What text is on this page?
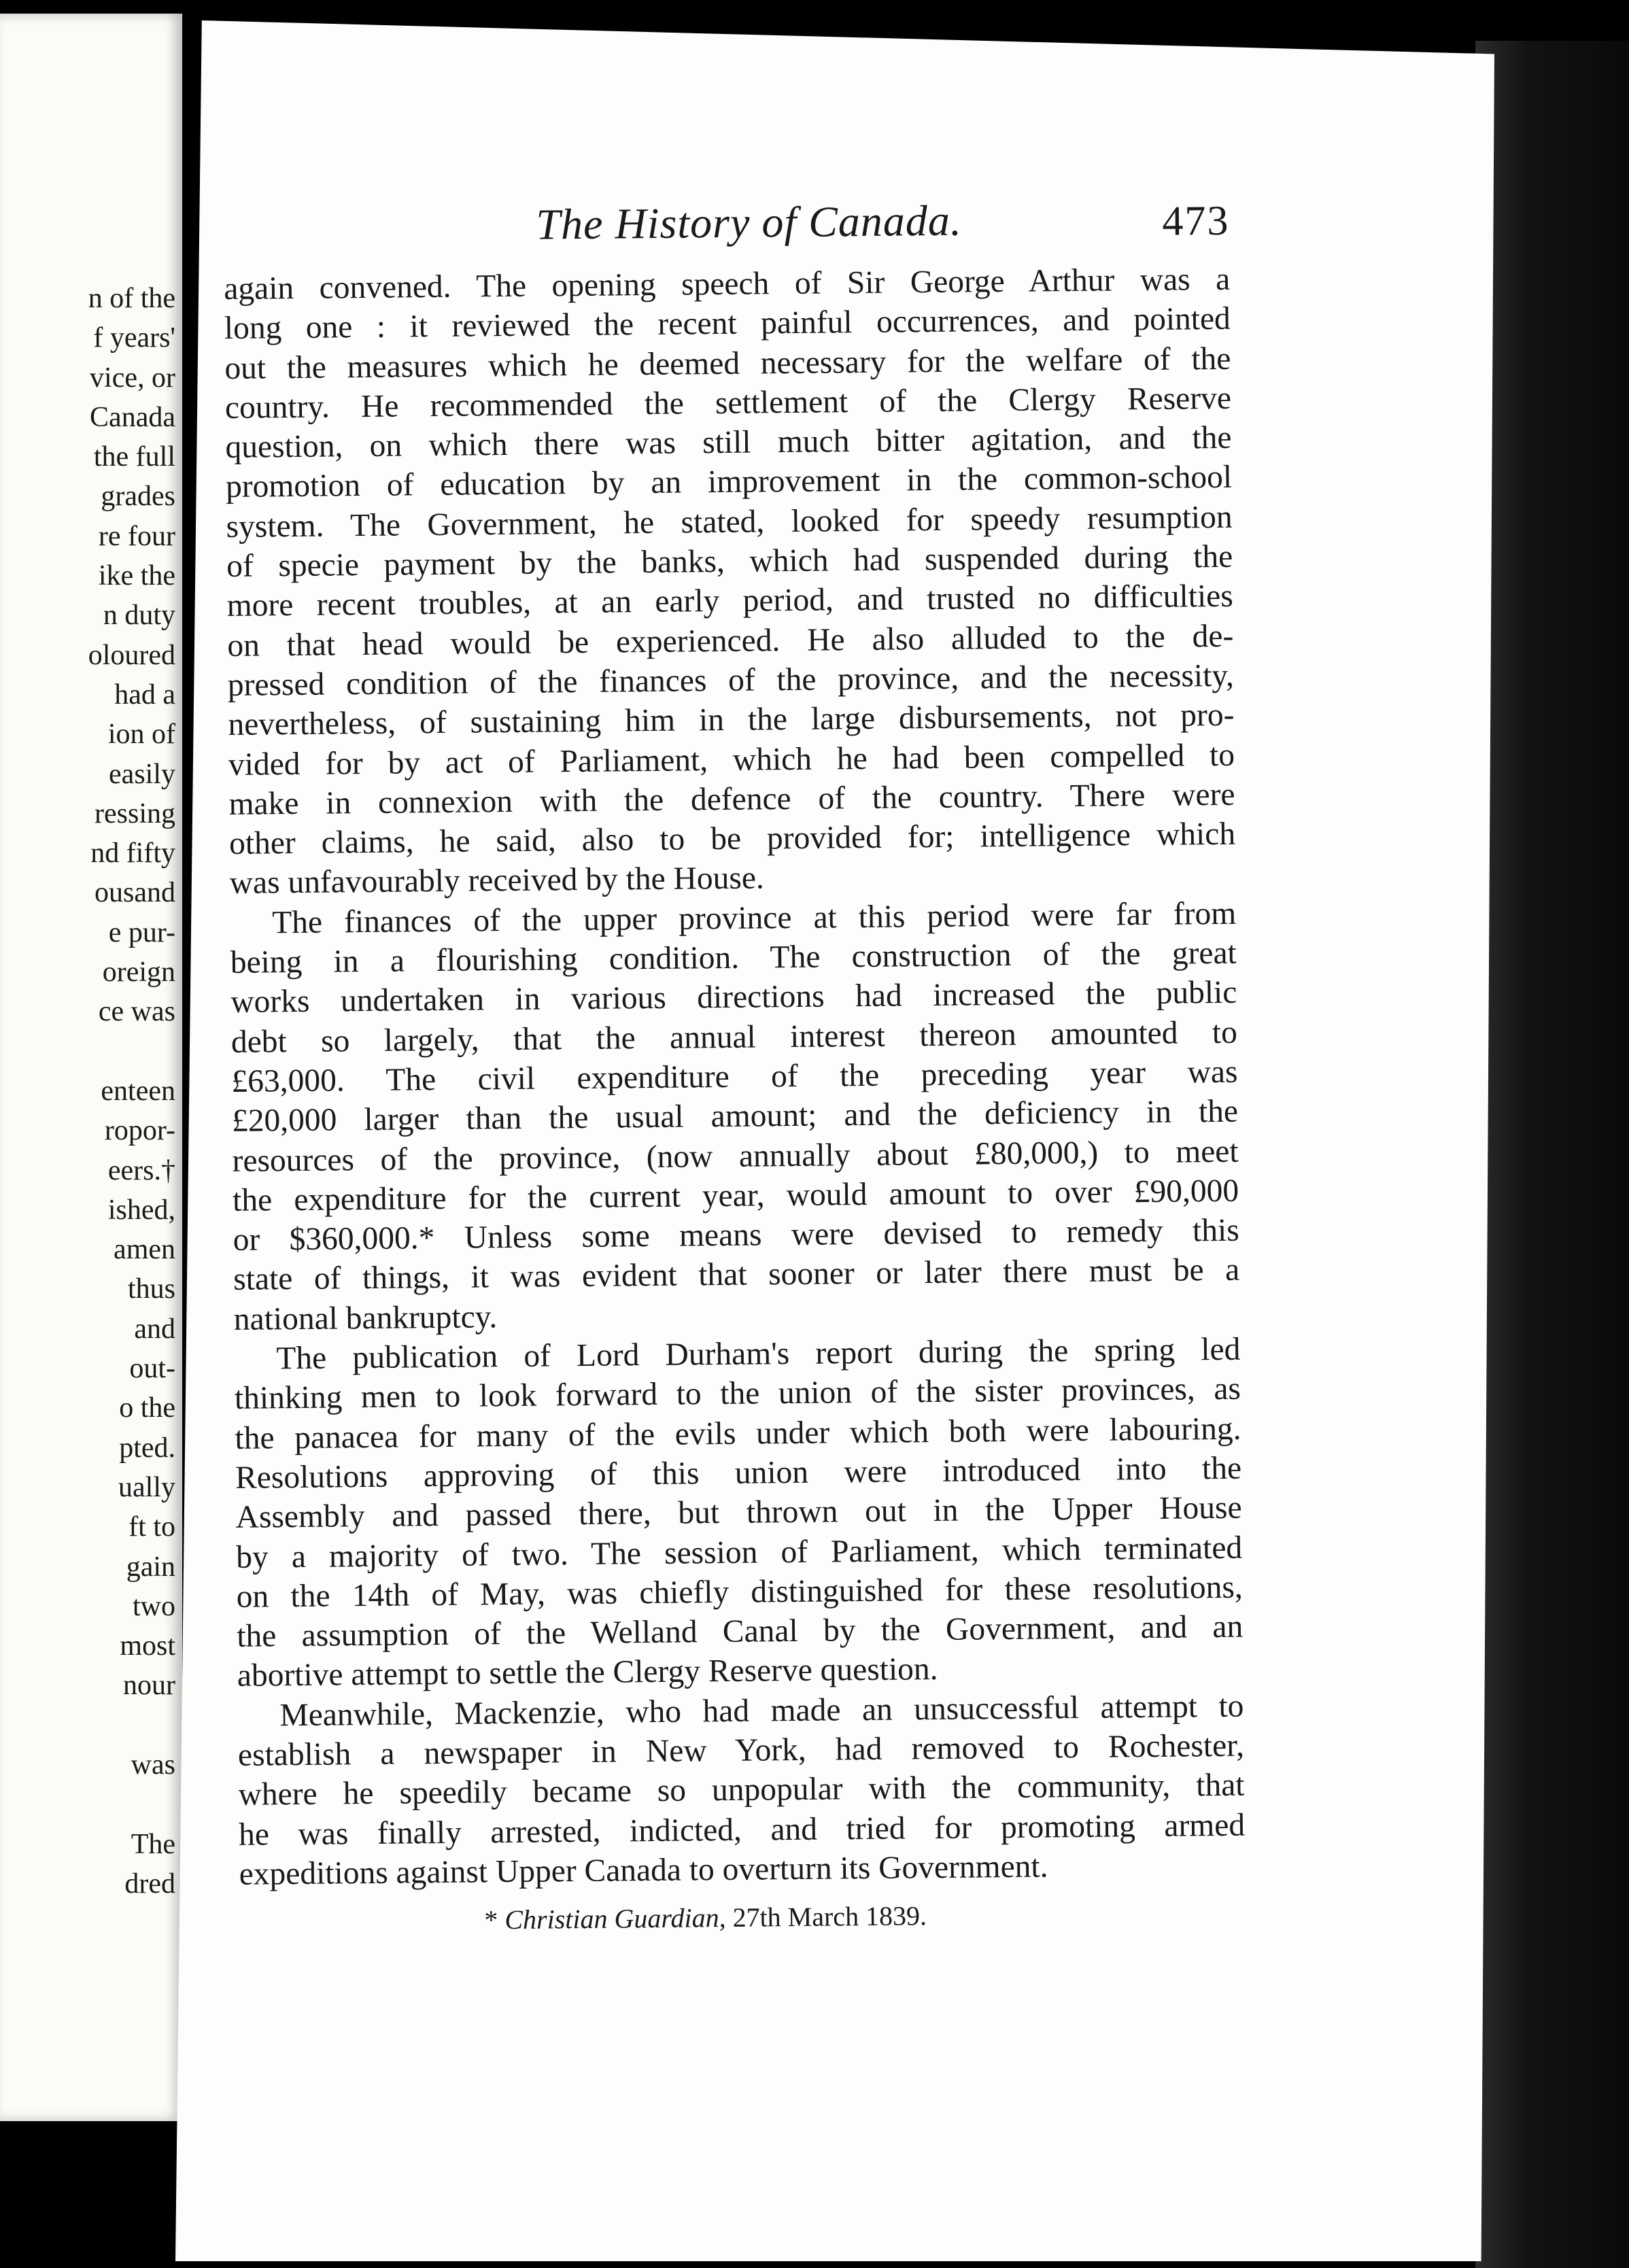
n of the
f years'
vice, or
Canada
the full
grades
re four
ike the
n duty
oloured
had a
ion of
easily
ressing
nd fifty
ousand
e pur-
oreign
ce was
enteen
ropor-
eers.†
ished,
amen
thus
and
out-
o the
pted.
ually
ft to
gain
two
most
nour
was
The
dred
The History of Canada.	473
again convened. The opening speech of Sir George Arthur was a
long one : it reviewed the recent painful occurrences, and pointed
out the measures which he deemed necessary for the welfare of the
country. He recommended the settlement of the Clergy Reserve
question, on which there was still much bitter agitation, and the
promotion of education by an improvement in the common-school
system. The Government, he stated, looked for speedy resumption
of specie payment by the banks, which had suspended during the
more recent troubles, at an early period, and trusted no difficulties
on that head would be experienced. He also alluded to the de-
pressed condition of the finances of the province, and the necessity,
nevertheless, of sustaining him in the large disbursements, not pro-
vided for by act of Parliament, which he had been compelled to
make in connexion with the defence of the country. There were
other claims, he said, also to be provided for; intelligence which
was unfavourably received by the House.
The finances of the upper province at this period were far from
being in a flourishing condition. The construction of the great
works undertaken in various directions had increased the public
debt so largely, that the annual interest thereon amounted to
£63,000. The civil expenditure of the preceding year was
£20,000 larger than the usual amount; and the deficiency in the
resources of the province, (now annually about £80,000,) to meet
the expenditure for the current year, would amount to over £90,000
or $360,000.* Unless some means were devised to remedy this
state of things, it was evident that sooner or later there must be a
national bankruptcy.
The publication of Lord Durham's report during the spring led
thinking men to look forward to the union of the sister provinces, as
the panacea for many of the evils under which both were labouring.
Resolutions approving of this union were introduced into the
Assembly and passed there, but thrown out in the Upper House
by a majority of two. The session of Parliament, which terminated
on the 14th of May, was chiefly distinguished for these resolutions,
the assumption of the Welland Canal by the Government, and an
abortive attempt to settle the Clergy Reserve question.
Meanwhile, Mackenzie, who had made an unsuccessful attempt to
establish a newspaper in New York, had removed to Rochester,
where he speedily became so unpopular with the community, that
he was finally arrested, indicted, and tried for promoting armed
expeditions against Upper Canada to overturn its Government.
* Christian Guardian, 27th March 1839.
